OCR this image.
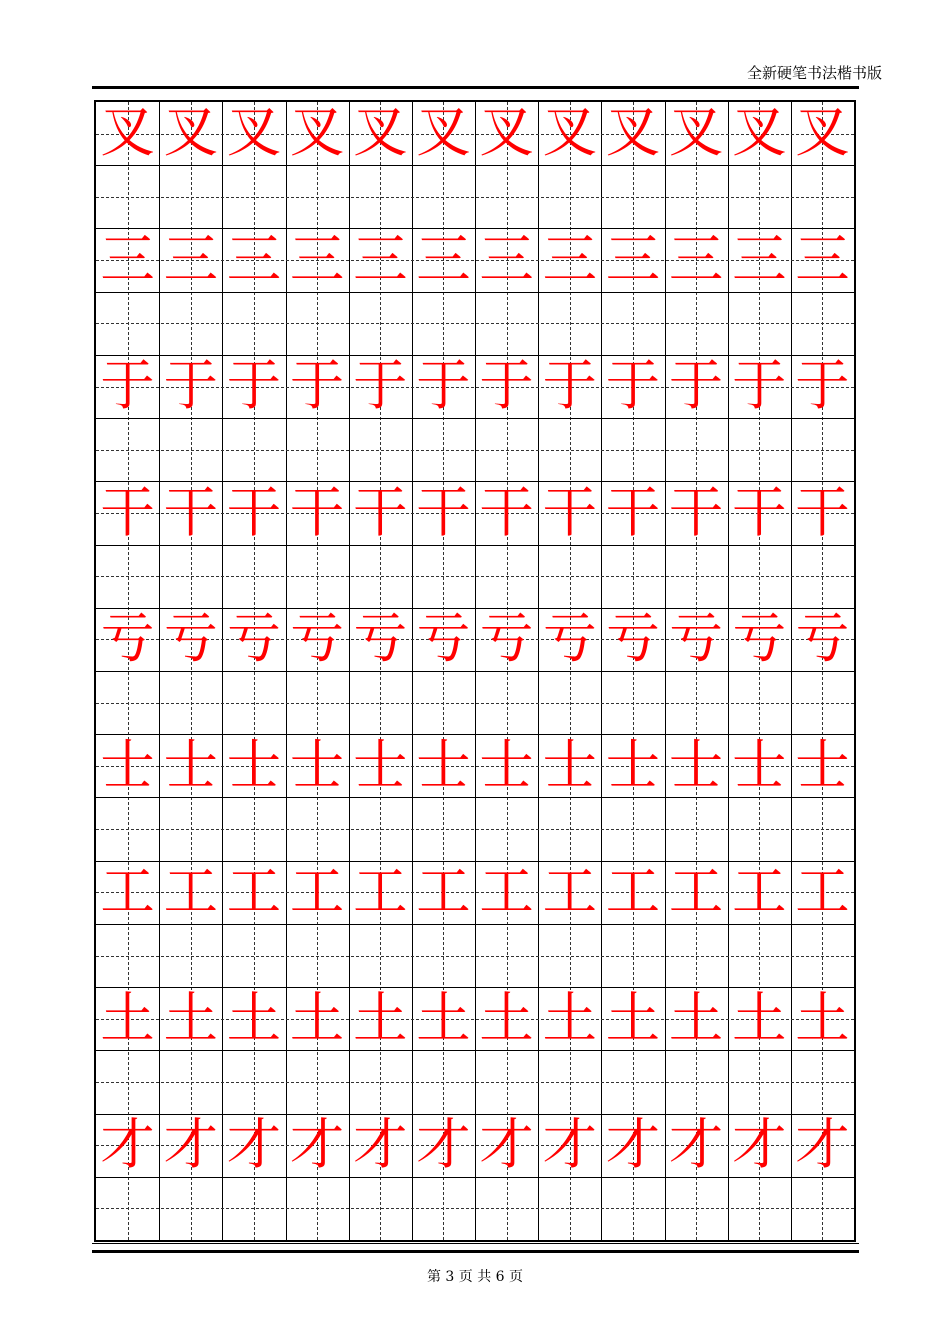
全新硬笔书法楷书版
叉 叉 叉 叉 叉 叉 叉 叉 叉 叉 叉 叉
三 三 三 三 三 三 三 三 三 三 三 三
于 于 于 于 于 于 于 于 于 于 于 于
干 干 干 干 干 干 干 干 干 干 干 干
亏 亏 亏 亏 亏 亏 亏 亏 亏 亏 亏 亏
士 士 士 士 士 士 士 士 士 士 士 士
工 工 工 工 工 工 工 工 工 工 工 工
土 土 土 土 土 土 土 土 土 土 土 土
才 才 才 才 才 才 才 才 才 才 才 才
第 3 页 共 6 页
